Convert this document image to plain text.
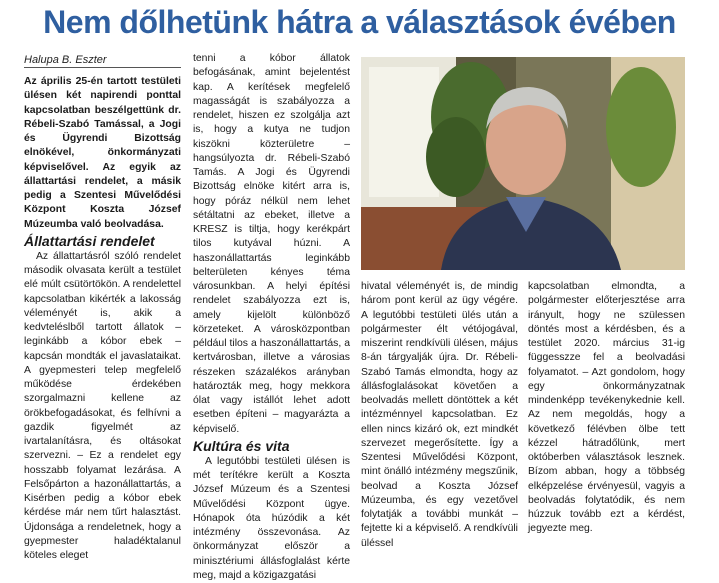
Nem dőlhetünk hátra a választások évében
Halupa B. Eszter

Az április 25-én tartott testületi ülésen két napirendi ponttal kapcsolatban beszélgettünk dr. Rébeli-Szabó Tamással, a Jogi és Ügyrendi Bizottság elnökével, önkormányzati képviselővel. Az egyik az állattartási rendelet, a másik pedig a Szentesi Művelődési Központ Koszta József Múzeumba való beolvadása.

Állattartási rendelet

Az állattartásról szóló rendelet második olvasata került a testület elé múlt csütörtökön. A rendelettel kapcsolatban kikérték a lakosság véleményét is, akik a kedvteléslből tartott állatok – leginkább a kóbor ebek – kapcsán mondták el javaslataikat. A gyepmesteri telep megfelelő működése érdekében szorgalmazni kellene az örökbefogadásokat, és felhívni a gazdik figyelmét az ivartalanításra, és oltásokat szervezni. – Ez a rendelet egy hosszabb folyamat lezárása. A Felsőpárton a hazonállattartás, a Kisérben pedig a kóbor ebek kérdése már nem tűrt halasztást. Újdonsága a rendeletnek, hogy a gyepmester haladéktalanul köteles eleget

tenni a kóbor állatok befogásának, amint bejelentést kap. A kerítések megfelelő magasságát is szabályozza a rendelet, hiszen ez szolgálja azt is, hogy a kutya ne tudjon kiszökni közterületre – hangsúlyozta dr. Rébeli-Szabó Tamás. A Jogi és Ügyrendi Bizottság elnöke kitért arra is, hogy póráz nélkül nem lehet sétáltatni az ebeket, illetve a KRESZ is tiltja, hogy kerékpárt tilos kutyával húzni. A haszonállattartás leginkább belterületen kényes téma városunkban. A helyi építési rendelet szabályozza ezt is, amely kijelölt különböző körzeteket. A városközpontban például tilos a haszonállattartás, a kertvárosban, illetve a városias részeken százalékos arányban határozták meg, hogy mekkora ólat vagy istállót lehet adott esetben építeni – magyarázta a képviselő.

Kultúra és vita

A legutóbbi testületi ülésen is mét terítékre került a Koszta József Múzeum és a Szentesi Művelődési Központ ügye. Hónapok óta húzódik a két intézmény összevonása. Az önkormányzat először a minisztériumi állásfoglalást kérte meg, majd a közigazgatási

hivatal véleményét is, de mindig három pont kerül az ügy végére. A legutóbbi testületi ülés után a polgármester élt vétójogával, miszerint rendkívüli ülésen, május 8-án tárgyalják újra. Dr. Rébeli-Szabó Tamás elmondta, hogy az állásfoglalásokat követően a beolvadás mellett döntöttek a két intézménnyel kapcsolatban. Ez ellen nincs kizáró ok, ezt mindkét szervezet megerősítette. Így a Szentesi Művelődési Központ, mint önálló intézmény megszűnik, beolvad a Koszta József Múzeumba, és egy vezetővel folytatják a további munkát – fejtette ki a képviselő. A rendkívüli üléssel

kapcsolatban elmondta, a polgármester előterjesztése arra irányult, hogy ne szülessen döntés most a kérdésben, és a testület 2020. március 31-ig függesszze fel a beolvadási folyamatot. – Azt gondolom, hogy egy önkormányzatnak mindenképp tevékenykednie kell. Az nem megoldás, hogy a következő félévben ölbe tett kézzel hátradőlünk, mert októberben választások lesznek. Bízom abban, hogy a többség elképzelése érvényesül, vagyis a beolvadás folytatódik, és nem húzzuk tovább ezt a kérdést, jegyezte meg.
